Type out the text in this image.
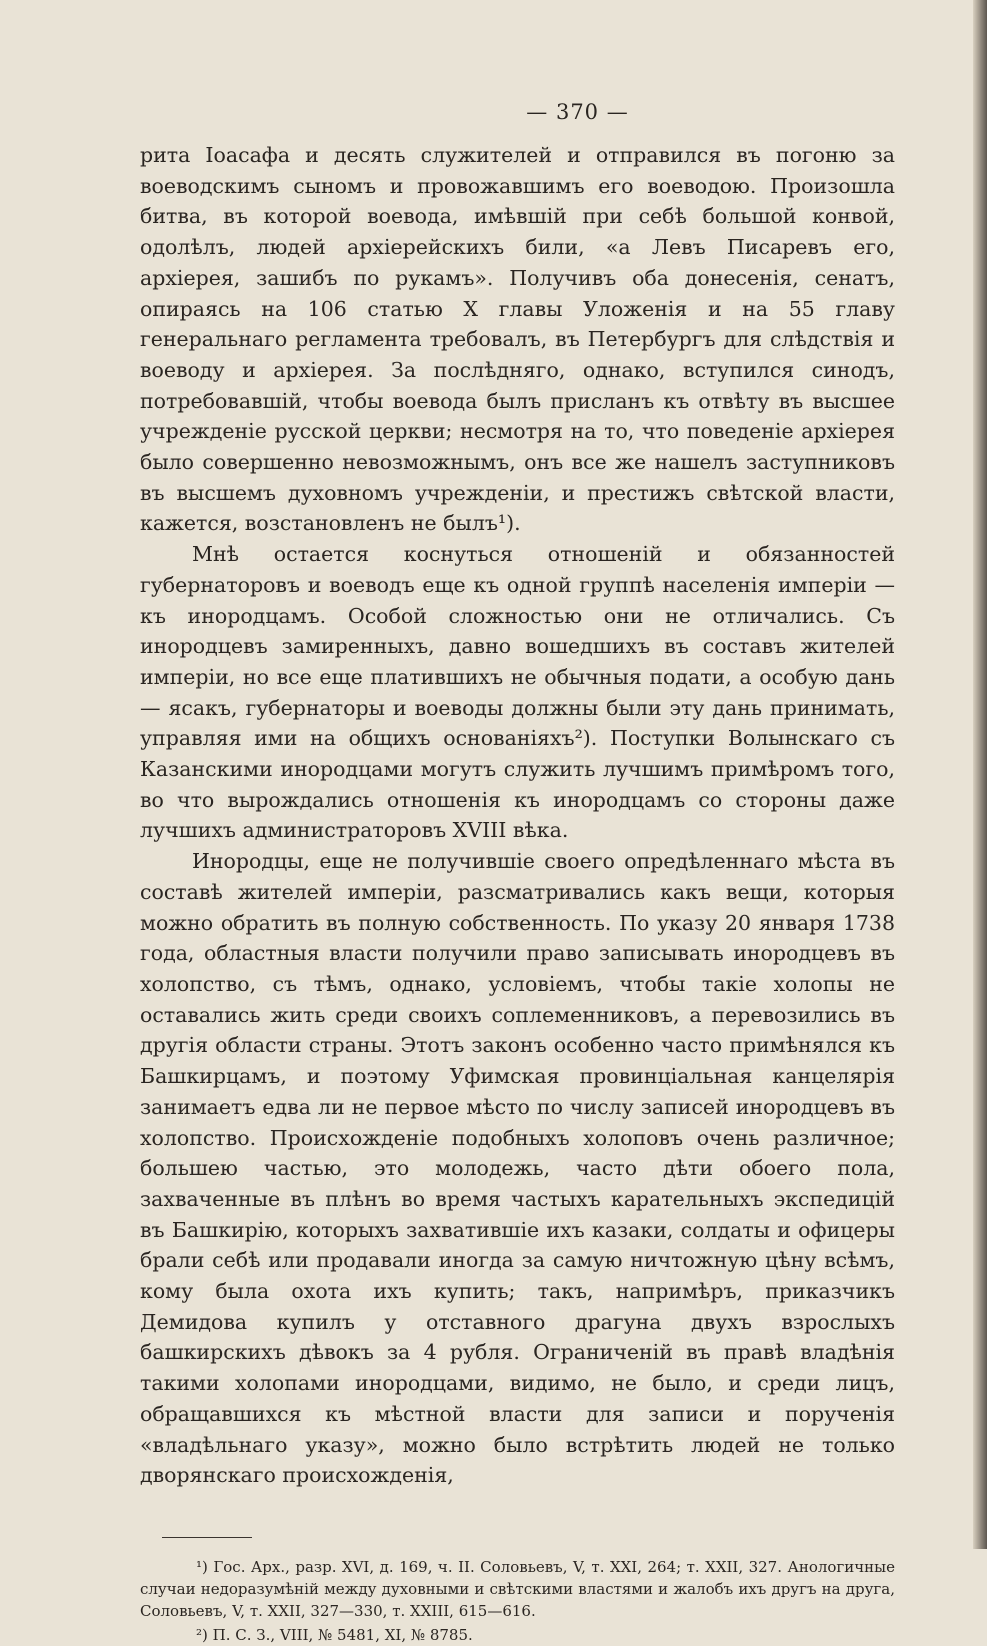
— 370 —

рита Іоасафа и десять служителей и отправился въ погоню за воеводскимъ сыномъ и провожавшимъ его воеводою. Произошла битва, въ которой воевода, имѣвшій при себѣ большой конвой, одолѣлъ, людей архіерейскихъ били, «а Левъ Писаревъ его, архіерея, зашибъ по рукамъ». Получивъ оба донесенія, сенатъ, опираясь на 106 статью X главы Уложенія и на 55 главу генеральнаго регламента требовалъ, въ Петербургъ для слѣдствія и воеводу и архіерея. За послѣдняго, однако, вступился синодъ, потребовавшій, чтобы воевода былъ присланъ къ отвѣту въ высшее учрежденіе русской церкви; несмотря на то, что поведеніе архіерея было совершенно невозможнымъ, онъ все же нашелъ заступниковъ въ высшемъ духовномъ учрежденіи, и престижъ свѣтской власти, кажется, возстановленъ не былъ¹).

Мнѣ остается коснуться отношеній и обязанностей губернаторовъ и воеводъ еще къ одной группѣ населенія имперіи — къ инородцамъ. Особой сложностью они не отличались. Съ инородцевъ замиренныхъ, давно вошедшихъ въ составъ жителей имперіи, но все еще платившихъ не обычныя подати, а особую дань — ясакъ, губернаторы и воеводы должны были эту дань принимать, управляя ими на общихъ основаніяхъ²). Поступки Волынскаго съ Казанскими инородцами могутъ служить лучшимъ примѣромъ того, во что вырождались отношенія къ инородцамъ со стороны даже лучшихъ администраторовъ XVIII вѣка.

Инородцы, еще не получившіе своего опредѣленнаго мѣста въ составѣ жителей имперіи, разсматривались какъ вещи, которыя можно обратить въ полную собственность. По указу 20 января 1738 года, областныя власти получили право записывать инородцевъ въ холопство, съ тѣмъ, однако, условіемъ, чтобы такіе холопы не оставались жить среди своихъ соплеменниковъ, а перевозились въ другія области страны. Этотъ законъ особенно часто примѣнялся къ Башкирцамъ, и поэтому Уфимская провинціальная канцелярія занимаетъ едва ли не первое мѣсто по числу записей инородцевъ въ холопство. Происхожденіе подобныхъ холоповъ очень различное; большею частью, это молодежь, часто дѣти обоего пола, захваченные въ плѣнъ во время частыхъ карательныхъ экспедицій въ Башкирію, которыхъ захватившіе ихъ казаки, солдаты и офицеры брали себѣ или продавали иногда за самую ничтожную цѣну всѣмъ, кому была охота ихъ купить; такъ, напримѣръ, приказчикъ Демидова купилъ у отставного драгуна двухъ взрослыхъ башкирскихъ дѣвокъ за 4 рубля. Ограниченій въ правѣ владѣнія такими холопами инородцами, видимо, не было, и среди лицъ, обращавшихся къ мѣстной власти для записи и порученія «владѣльнаго указу», можно было встрѣтить людей не только дворянскаго происхожденія,

¹) Гос. Арх., разр. XVI, д. 169, ч. II. Соловьевъ, V, т. XXI, 264; т. XXII, 327. Анологичные случаи недоразумѣній между духовными и свѣтскими властями и жалобъ ихъ другъ на друга, Соловьевъ, V, т. XXII, 327—330, т. XXIII, 615—616.

²) П. С. З., VIII, № 5481, XI, № 8785.
